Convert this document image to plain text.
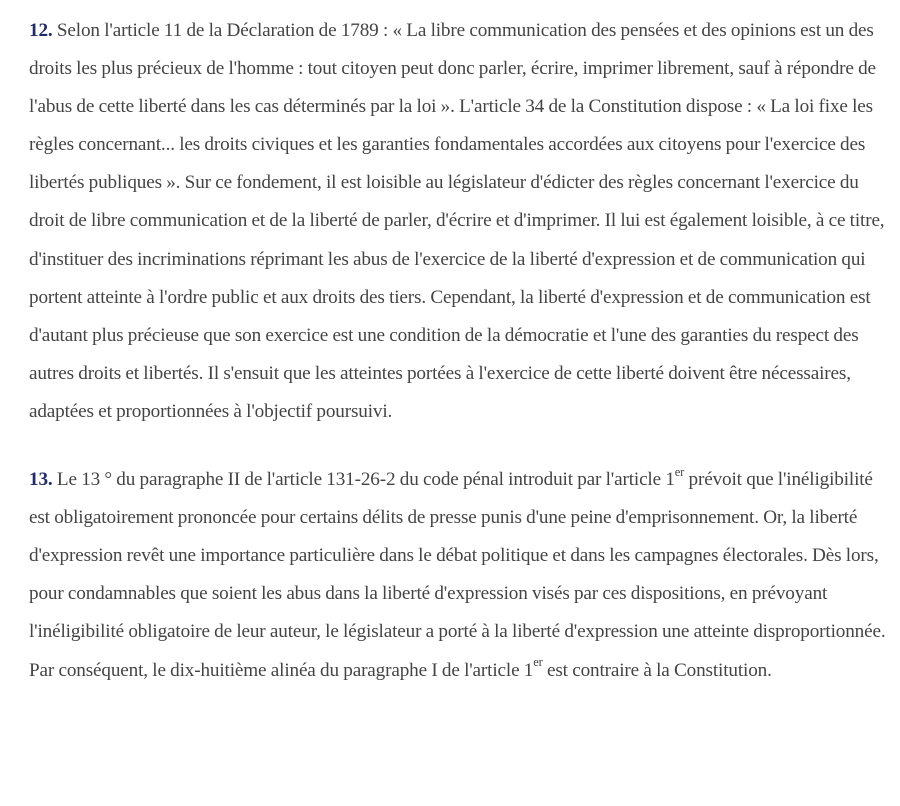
12. Selon l'article 11 de la Déclaration de 1789 : « La libre communication des pensées et des opinions est un des droits les plus précieux de l'homme : tout citoyen peut donc parler, écrire, imprimer librement, sauf à répondre de l'abus de cette liberté dans les cas déterminés par la loi ». L'article 34 de la Constitution dispose : « La loi fixe les règles concernant... les droits civiques et les garanties fondamentales accordées aux citoyens pour l'exercice des libertés publiques ». Sur ce fondement, il est loisible au législateur d'édicter des règles concernant l'exercice du droit de libre communication et de la liberté de parler, d'écrire et d'imprimer. Il lui est également loisible, à ce titre, d'instituer des incriminations réprimant les abus de l'exercice de la liberté d'expression et de communication qui portent atteinte à l'ordre public et aux droits des tiers. Cependant, la liberté d'expression et de communication est d'autant plus précieuse que son exercice est une condition de la démocratie et l'une des garanties du respect des autres droits et libertés. Il s'ensuit que les atteintes portées à l'exercice de cette liberté doivent être nécessaires, adaptées et proportionnées à l'objectif poursuivi.

13. Le 13 ° du paragraphe II de l'article 131-26-2 du code pénal introduit par l'article 1er prévoit que l'inéligibilité est obligatoirement prononcée pour certains délits de presse punis d'une peine d'emprisonnement. Or, la liberté d'expression revêt une importance particulière dans le débat politique et dans les campagnes électorales. Dès lors, pour condamnables que soient les abus dans la liberté d'expression visés par ces dispositions, en prévoyant l'inéligibilité obligatoire de leur auteur, le législateur a porté à la liberté d'expression une atteinte disproportionnée. Par conséquent, le dix-huitième alinéa du paragraphe I de l'article 1er est contraire à la Constitution.
